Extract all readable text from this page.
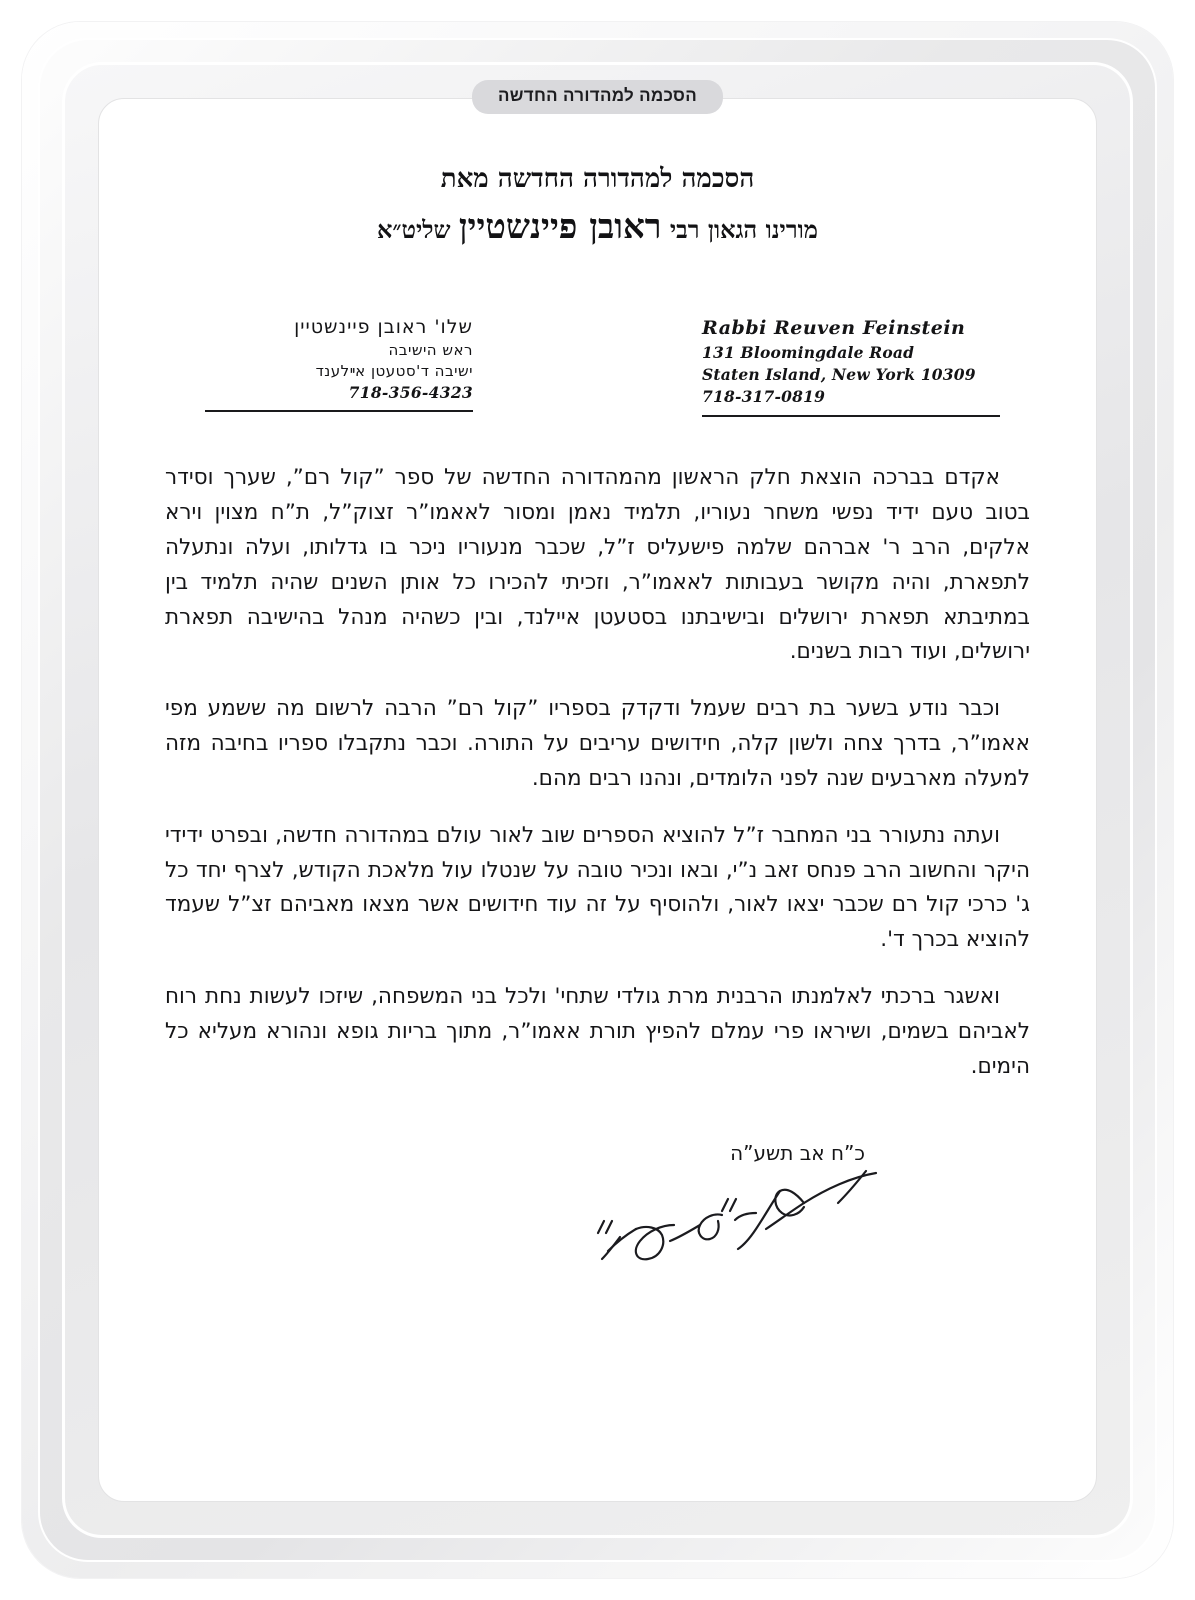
הסכמה למהדורה החדשה
הסכמה למהדורה החדשה מאת
מורינו הגאון רבי ראובן פיינשטיין שליט״א
Rabbi Reuven Feinstein
131 Bloomingdale Road
Staten Island, New York 10309
718-317-0819
שלו' ראובן פיינשטיין
ראש הישיבה
ישיבה ד'סטעטן אײלענד
718-356-4323

אקדם בברכה הוצאת חלק הראשון מהמהדורה החדשה של ספר ”קול רם”, שערך וסידר בטוב טעם ידיד נפשי משחר נעוריו, תלמיד נאמן ומסור לאאמו”ר זצוק”ל, ת”ח מצוין וירא אלקים, הרב ר' אברהם שלמה פישעליס ז”ל, שכבר מנעוריו ניכר בו גדלותו, ועלה ונתעלה לתפארת, והיה מקושר בעבותות לאאמו”ר, וזכיתי להכירו כל אותן השנים שהיה תלמיד בין במתיבתא תפארת ירושלים ובישיבתנו בסטעטן איילנד, ובין כשהיה מנהל בהישיבה תפארת ירושלים, ועוד רבות בשנים.

וכבר נודע בשער בת רבים שעמל ודקדק בספריו ”קול רם” הרבה לרשום מה ששמע מפי אאמו”ר, בדרך צחה ולשון קלה, חידושים עריבים על התורה. וכבר נתקבלו ספריו בחיבה מזה למעלה מארבעים שנה לפני הלומדים, ונהנו רבים מהם.

ועתה נתעורר בני המחבר ז”ל להוציא הספרים שוב לאור עולם במהדורה חדשה, ובפרט ידידי היקר והחשוב הרב פנחס זאב נ”י, ובאו ונכיר טובה על שנטלו עול מלאכת הקודש, לצרף יחד כל ג' כרכי קול רם שכבר יצאו לאור, ולהוסיף על זה עוד חידושים אשר מצאו מאביהם זצ”ל שעמד להוציא בכרך ד'.

ואשגר ברכתי לאלמנתו הרבנית מרת גולדי שתחי' ולכל בני המשפחה, שיזכו לעשות נחת רוח לאביהם בשמים, ושיראו פרי עמלם להפיץ תורת אאמו”ר, מתוך בריות גופא ונהורא מעליא כל הימים.

כ”ח אב תשע”ה
